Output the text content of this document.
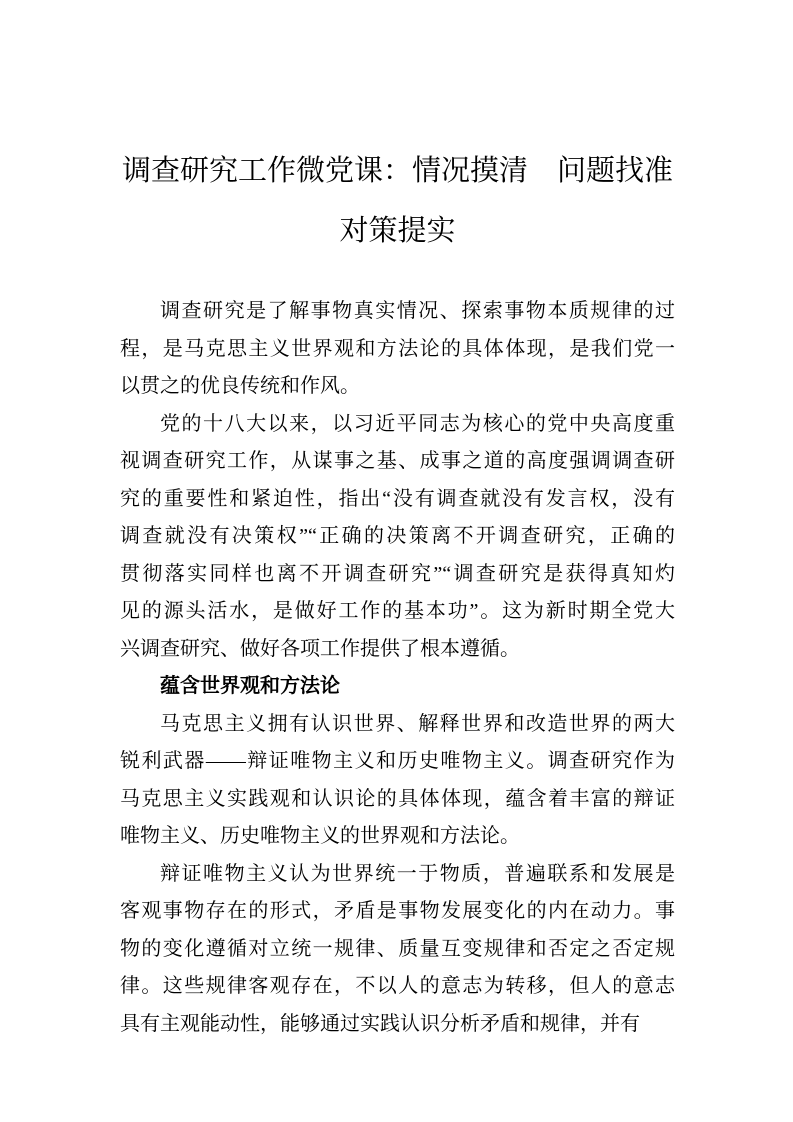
调查研究工作微党课：情况摸清　问题找准
对策提实
调查研究是了解事物真实情况、探索事物本质规律的过
程，是马克思主义世界观和方法论的具体体现，是我们党一
以贯之的优良传统和作风。
党的十八大以来，以习近平同志为核心的党中央高度重
视调查研究工作，从谋事之基、成事之道的高度强调调查研
究的重要性和紧迫性，指出“没有调查就没有发言权，没有
调查就没有决策权”“正确的决策离不开调查研究，正确的
贯彻落实同样也离不开调查研究”“调查研究是获得真知灼
见的源头活水，是做好工作的基本功”。这为新时期全党大
兴调查研究、做好各项工作提供了根本遵循。
蕴含世界观和方法论
马克思主义拥有认识世界、解释世界和改造世界的两大
锐利武器——辩证唯物主义和历史唯物主义。调查研究作为
马克思主义实践观和认识论的具体体现，蕴含着丰富的辩证
唯物主义、历史唯物主义的世界观和方法论。
辩证唯物主义认为世界统一于物质，普遍联系和发展是
客观事物存在的形式，矛盾是事物发展变化的内在动力。事
物的变化遵循对立统一规律、质量互变规律和否定之否定规
律。这些规律客观存在，不以人的意志为转移，但人的意志
具有主观能动性，能够通过实践认识分析矛盾和规律，并有
